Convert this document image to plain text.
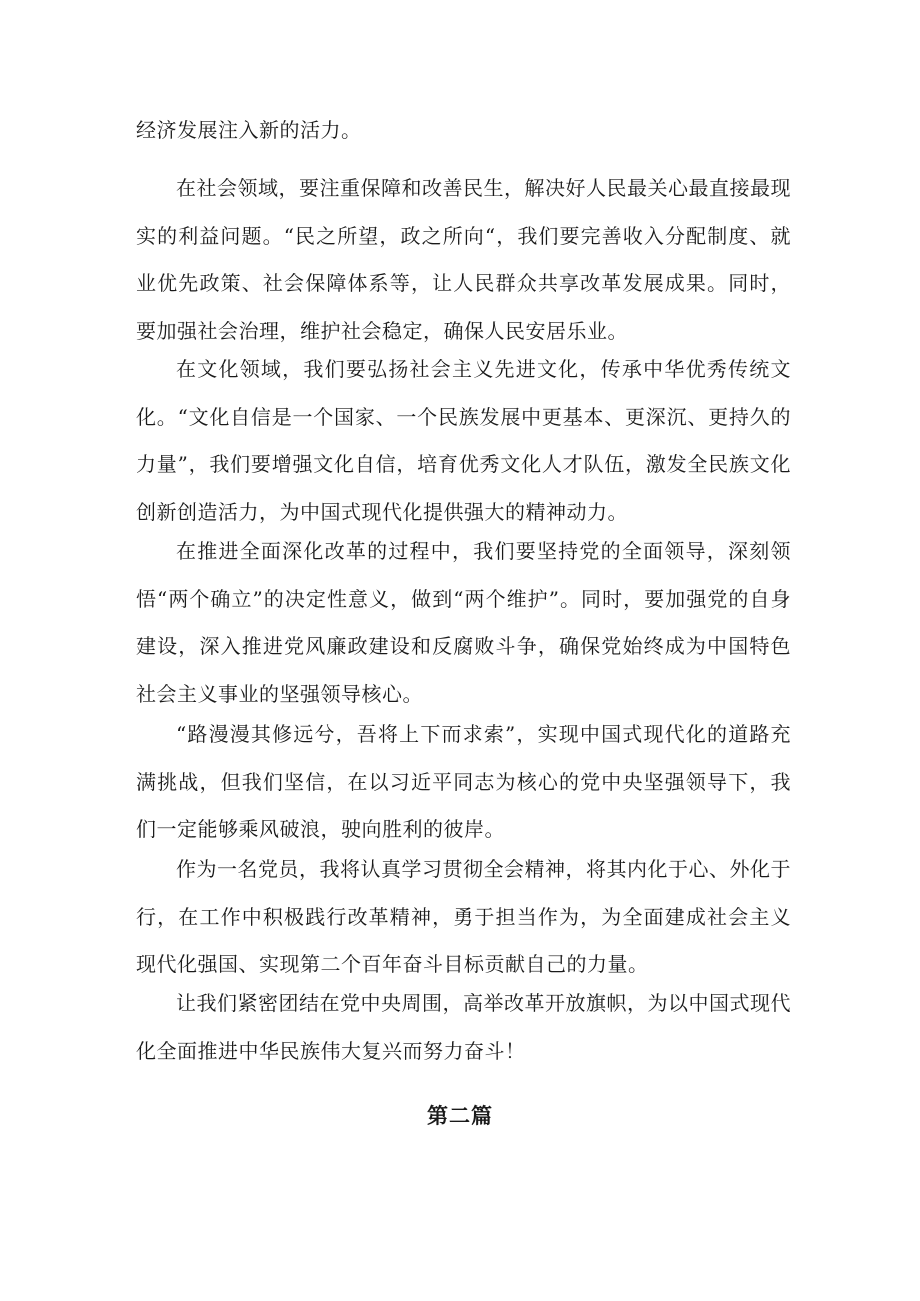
经济发展注入新的活力。

在社会领域，要注重保障和改善民生，解决好人民最关心最直接最现实的利益问题。“民之所望，政之所向“，我们要完善收入分配制度、就业优先政策、社会保障体系等，让人民群众共享改革发展成果。同时，要加强社会治理，维护社会稳定，确保人民安居乐业。

在文化领域，我们要弘扬社会主义先进文化，传承中华优秀传统文化。“文化自信是一个国家、一个民族发展中更基本、更深沉、更持久的力量”，我们要增强文化自信，培育优秀文化人才队伍，激发全民族文化创新创造活力，为中国式现代化提供强大的精神动力。

在推进全面深化改革的过程中，我们要坚持党的全面领导，深刻领悟“两个确立”的决定性意义，做到“两个维护”。同时，要加强党的自身建设，深入推进党风廉政建设和反腐败斗争，确保党始终成为中国特色社会主义事业的坚强领导核心。

“路漫漫其修远兮，吾将上下而求索”，实现中国式现代化的道路充满挑战，但我们坚信，在以习近平同志为核心的党中央坚强领导下，我们一定能够乘风破浪，驶向胜利的彼岸。

作为一名党员，我将认真学习贯彻全会精神，将其内化于心、外化于行，在工作中积极践行改革精神，勇于担当作为，为全面建成社会主义现代化强国、实现第二个百年奋斗目标贡献自己的力量。

让我们紧密团结在党中央周围，高举改革开放旗帜，为以中国式现代化全面推进中华民族伟大复兴而努力奋斗！

第二篇
